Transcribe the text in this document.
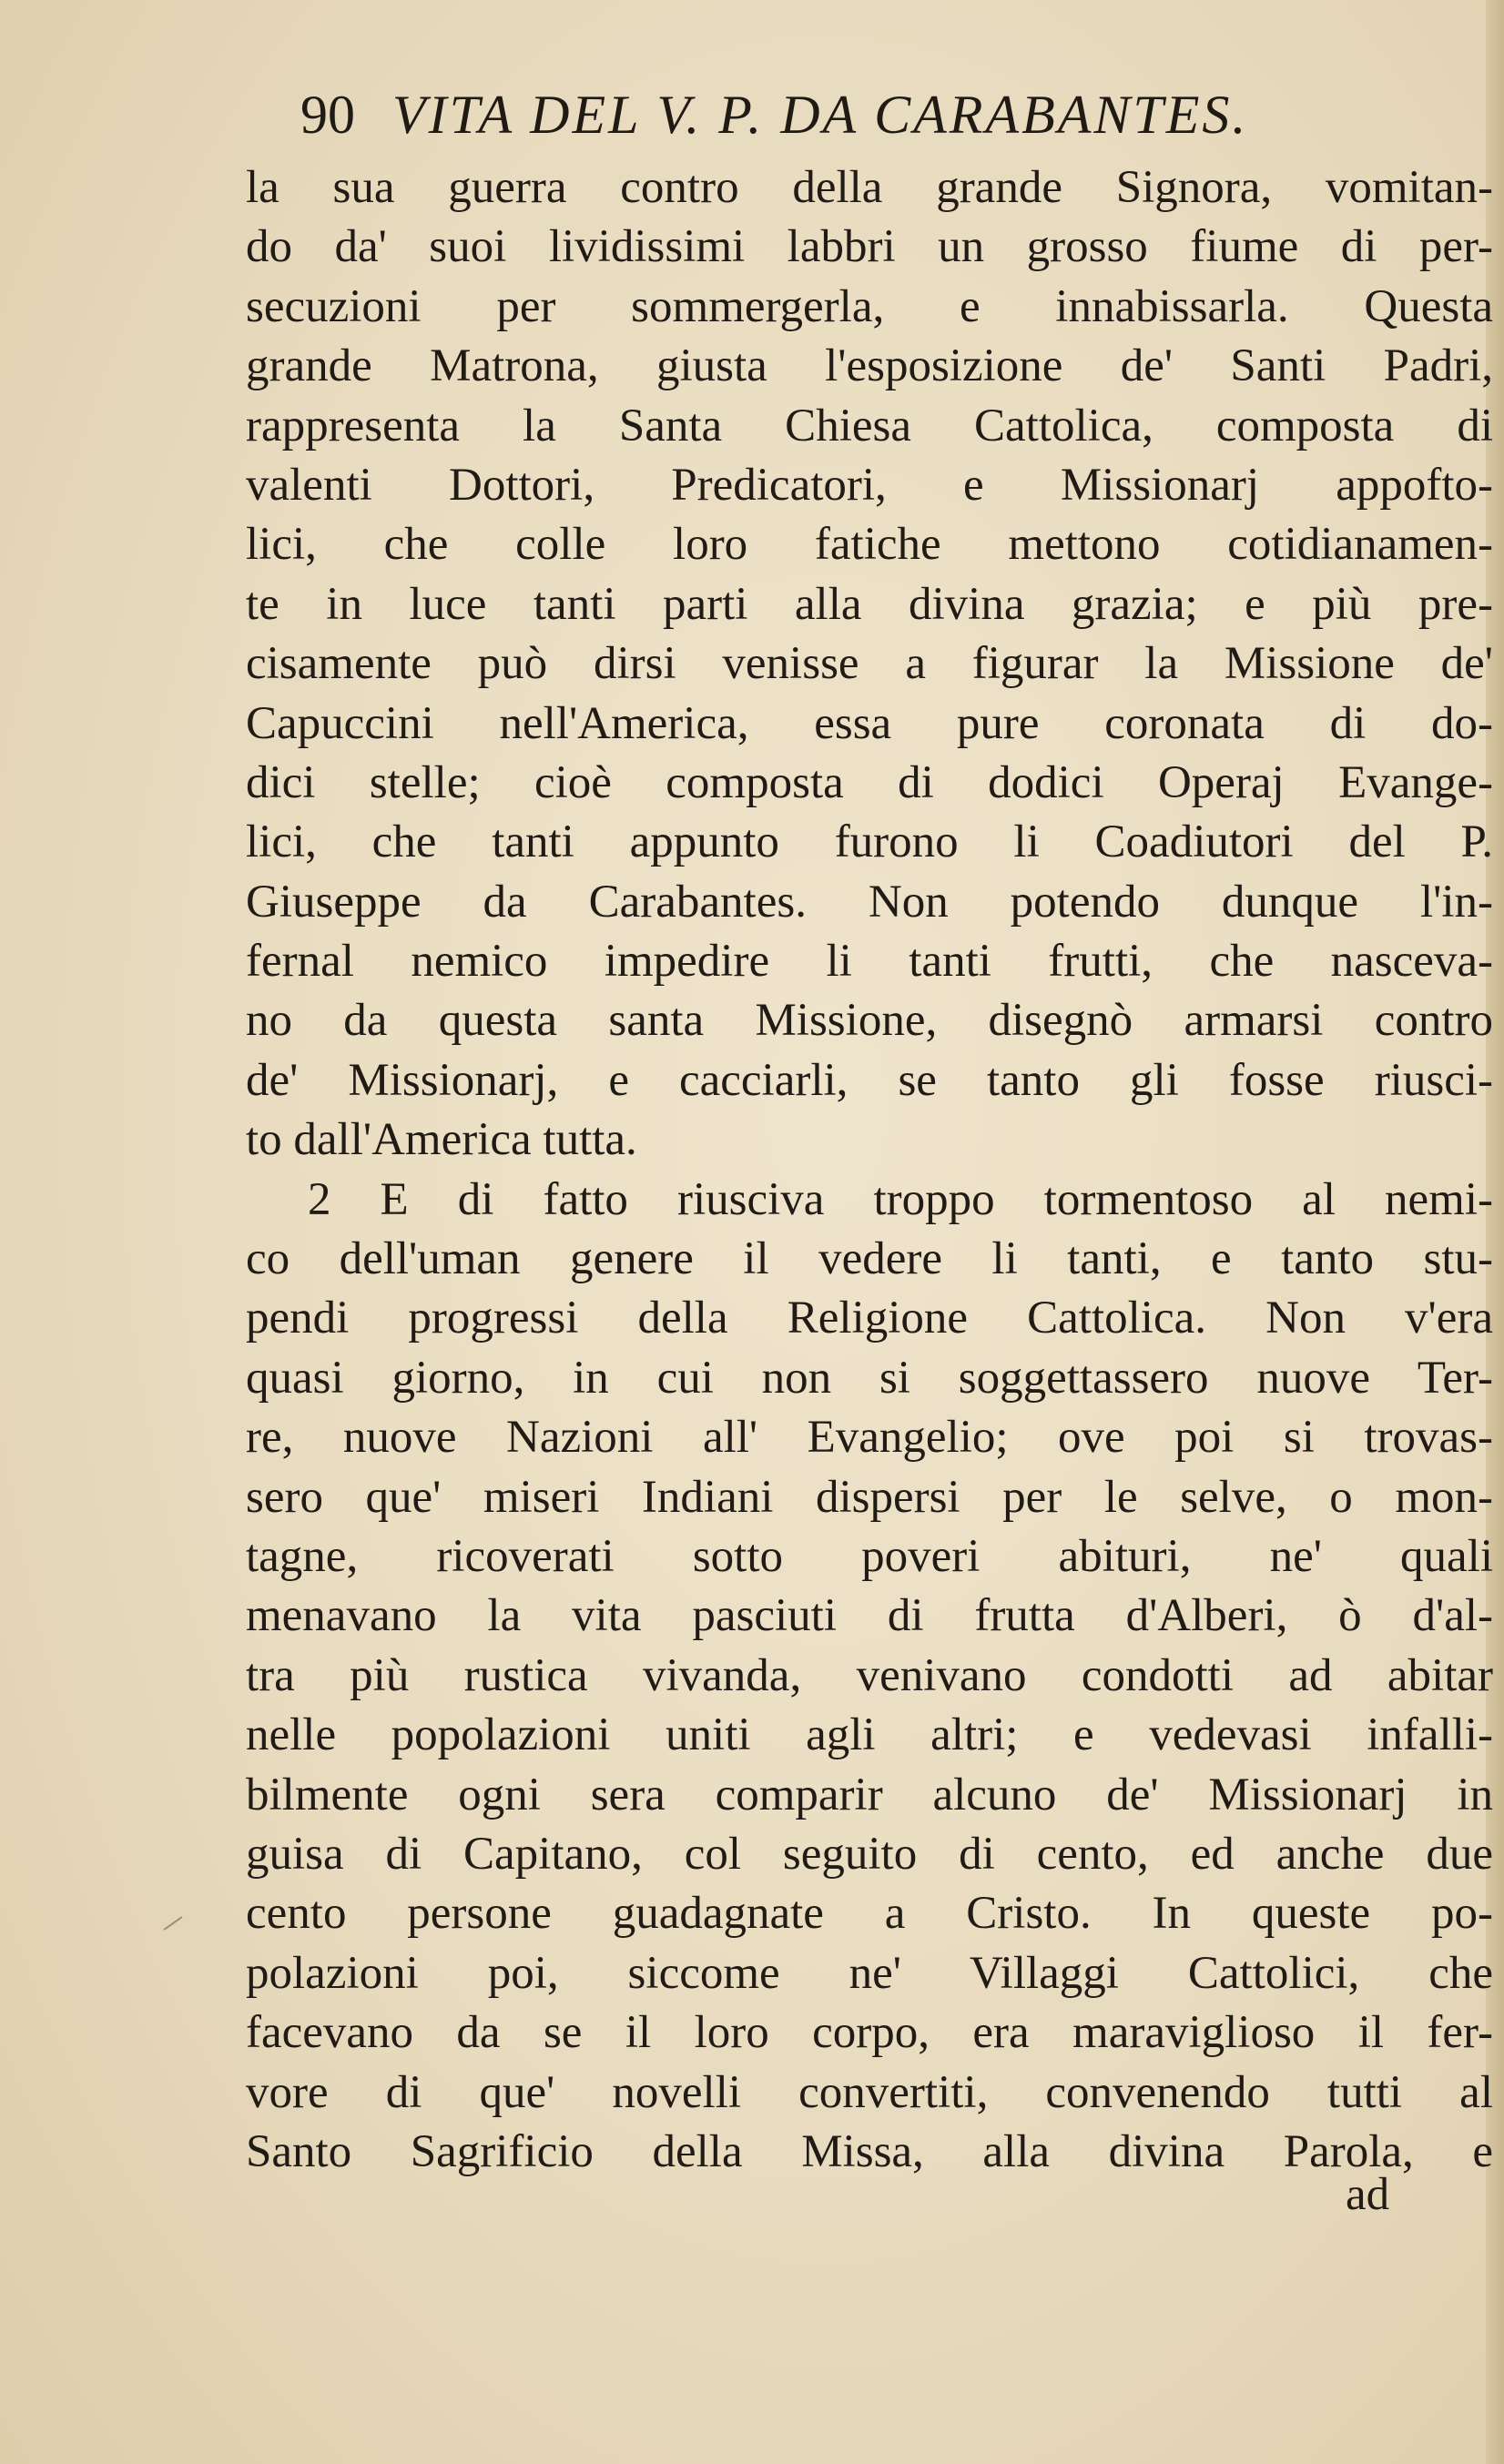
90 VITA DEL V. P. DA CARABANTES.
la sua guerra contro della grande Signora, vomitan-
do da' suoi lividissimi labbri un grosso fiume di per-
secuzioni per sommergerla, e innabissarla. Questa
grande Matrona, giusta l'esposizione de' Santi Padri,
rappresenta la Santa Chiesa Cattolica, composta di
valenti Dottori, Predicatori, e Missionarj appofto-
lici, che colle loro fatiche mettono cotidianamen-
te in luce tanti parti alla divina grazia; e più pre-
cisamente può dirsi venisse a figurar la Missione de'
Capuccini nell'America, essa pure coronata di do-
dici stelle; cioè composta di dodici Operaj Evange-
lici, che tanti appunto furono li Coadiutori del P.
Giuseppe da Carabantes. Non potendo dunque l'in-
fernal nemico impedire li tanti frutti, che nasceva-
no da questa santa Missione, disegnò armarsi contro
de' Missionarj, e cacciarli, se tanto gli fosse riusci-
to dall'America tutta.
2 E di fatto riusciva troppo tormentoso al nemi-
co dell'uman genere il vedere li tanti, e tanto stu-
pendi progressi della Religione Cattolica. Non v'era
quasi giorno, in cui non si soggettassero nuove Ter-
re, nuove Nazioni all' Evangelio; ove poi si trovas-
sero que' miseri Indiani dispersi per le selve, o mon-
tagne, ricoverati sotto poveri abituri, ne' quali
menavano la vita pasciuti di frutta d'Alberi, ò d'al-
tra più rustica vivanda, venivano condotti ad abitar
nelle popolazioni uniti agli altri; e vedevasi infalli-
bilmente ogni sera comparir alcuno de' Missionarj in
guisa di Capitano, col seguito di cento, ed anche due
cento persone guadagnate a Cristo. In queste po-
polazioni poi, siccome ne' Villaggi Cattolici, che
facevano da se il loro corpo, era maraviglioso il fer-
vore di que' novelli convertiti, convenendo tutti al
Santo Sagrificio della Missa, alla divina Parola, e
ad
